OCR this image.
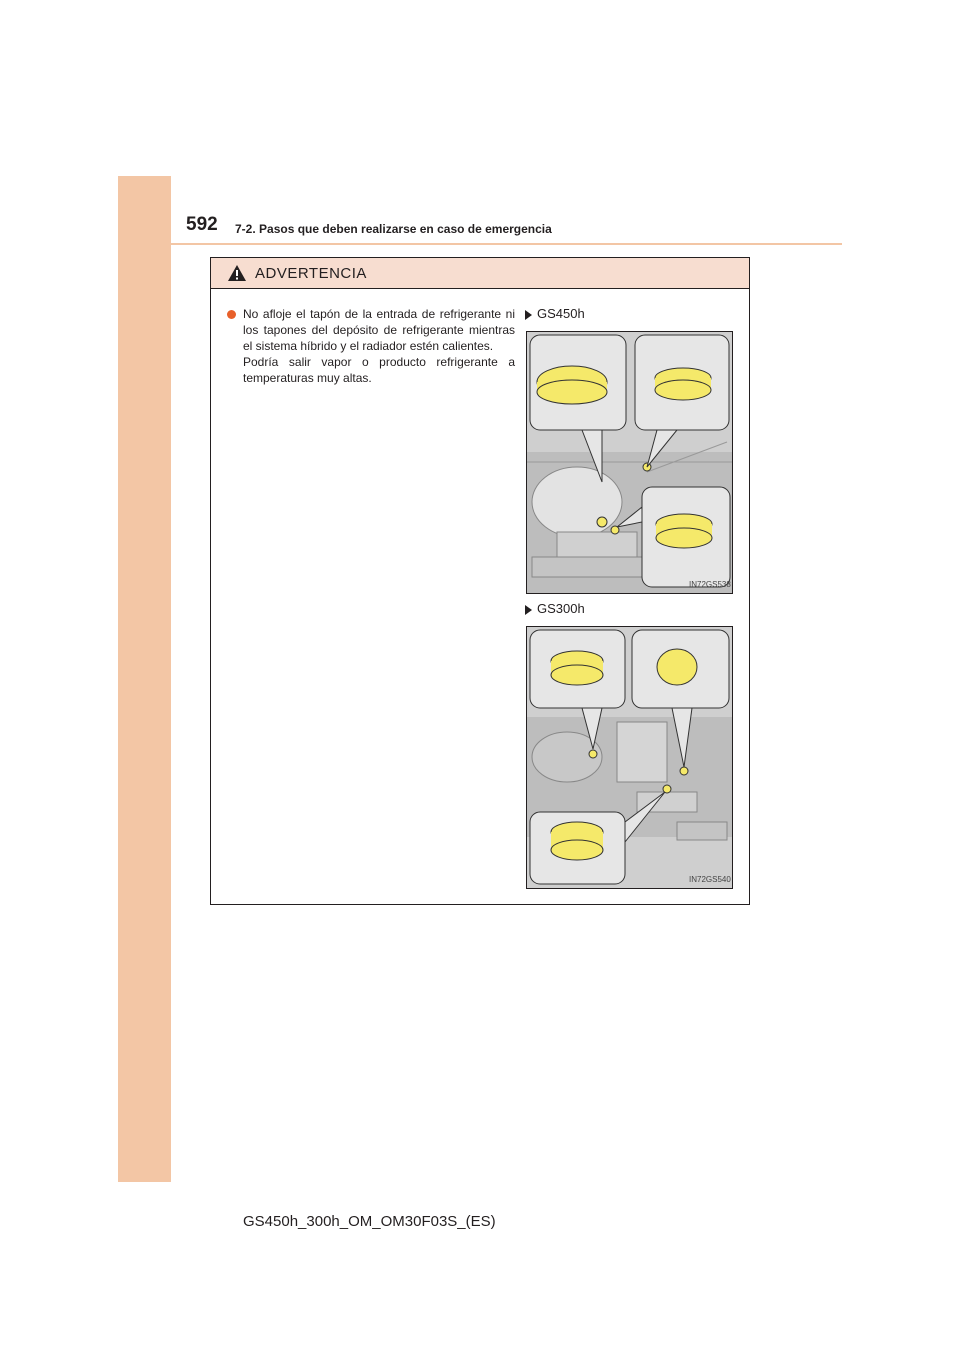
592 7-2. Pasos que deben realizarse en caso de emergencia
ADVERTENCIA

No afloje el tapón de la entrada de refrigerante ni los tapones del depósito de refrigerante mientras el sistema híbrido y el radiador estén calientes.

Podría salir vapor o producto refrigerante a temperaturas muy altas.

GS450h
IN72GS538
GS300h
IN72GS540
GS450h_300h_OM_OM30F03S_(ES)
